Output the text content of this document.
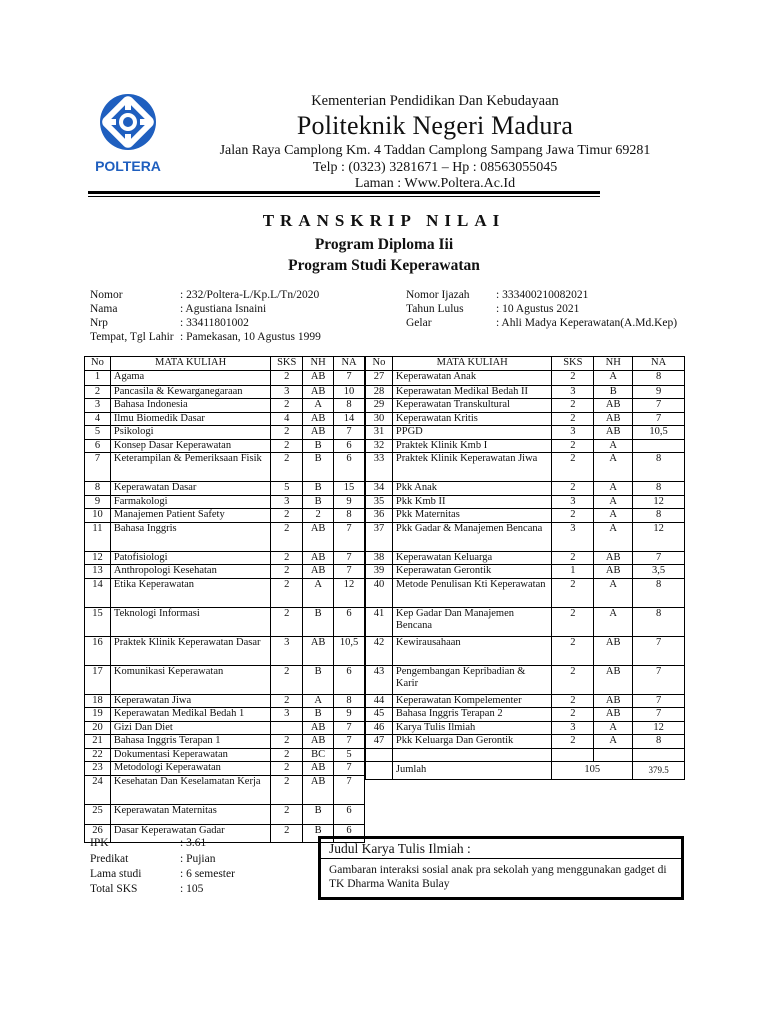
POLTERA
Kementerian Pendidikan Dan Kebudayaan
Politeknik Negeri Madura
Jalan Raya Camplong Km. 4 Taddan Camplong Sampang Jawa Timur 69281
Telp : (0323) 3281671 – Hp : 08563055045
Laman : Www.Poltera.Ac.Id
TRANSKRIP NILAI
Program Diploma Iii
Program Studi Keperawatan
Nomor	: 232/Poltera-L/Kp.L/Tn/2020
Nama	: Agustiana Isnaini
Nrp	: 33411801002
Tempat, Tgl Lahir : Pamekasan, 10 Agustus 1999
Nomor Ijazah : 333400210082021
Tahun Lulus	: 10 Agustus 2021
Gelar	: Ahli Madya Keperawatan(A.Md.Kep)
No	MATA KULIAH	SKS	NH	NA
1	Agama	2	AB	7
2	Pancasila & Kewarganegaraan	3	AB	10
3	Bahasa Indonesia	2	A	8
4	Ilmu Biomedik Dasar	4	AB	14
5	Psikologi	2	AB	7
6	Konsep Dasar Keperawatan	2	B	6
7	Keterampilan & Pemeriksaan Fisik	2	B	6
8	Keperawatan Dasar	5	B	15
9	Farmakologi	3	B	9
10	Manajemen Patient Safety	2	2	8
11	Bahasa Inggris	2	AB	7
12	Patofisiologi	2	AB	7
13	Anthropologi Kesehatan	2	AB	7
14	Etika Keperawatan	2	A	12
15	Teknologi Informasi	2	B	6
16	Praktek Klinik Keperawatan Dasar	3	AB	10,5
17	Komunikasi Keperawatan	2	B	6
18	Keperawatan Jiwa	2	A	8
19	Keperawatan Medikal Bedah 1	3	B	9
20	Gizi Dan Diet		AB	7
21	Bahasa Inggris Terapan 1	2	AB	7
22	Dokumentasi Keperawatan	2	BC	5
23	Metodologi Keperawatan	2	AB	7
24	Kesehatan Dan Keselamatan Kerja	2	AB	7
25	Keperawatan Maternitas	2	B	6
26	Dasar Keperawatan Gadar	2	B	6
No	MATA KULIAH	SKS	NH	NA
27	Keperawatan Anak	2	A	8
28	Keperawatan Medikal Bedah II	3	B	9
29	Keperawatan Transkultural	2	AB	7
30	Keperawatan Kritis	2	AB	7
31	PPGD	3	AB	10,5
32	Praktek Klinik Kmb I	2	A	
33	Praktek Klinik Keperawatan Jiwa	2	A	8
34	Pkk Anak	2	A	8
35	Pkk Kmb II	3	A	12
36	Pkk Maternitas	2	A	8
37	Pkk Gadar & Manajemen Bencana	3	A	12
38	Keperawatan Keluarga	2	AB	7
39	Keperawatan Gerontik	1	AB	3,5
40	Metode Penulisan Kti Keperawatan	2	A	8
41	Kep Gadar Dan Manajemen Bencana	2	A	8
42	Kewirausahaan	2	AB	7
43	Pengembangan Kepribadian & Karir	2	AB	7
44	Keperawatan Kompelementer	2	AB	7
45	Bahasa Inggris Terapan 2	2	AB	7
46	Karya Tulis Ilmiah	3	A	12
47	Pkk Keluarga Dan Gerontik	2	A	8

	Jumlah	105		379.5
IPK	: 3.61
Predikat	: Pujian
Lama studi	: 6 semester
Total SKS	: 105
Judul Karya Tulis Ilmiah :
Gambaran interaksi sosial anak pra sekolah yang menggunakan gadget di TK Dharma Wanita Bulay
